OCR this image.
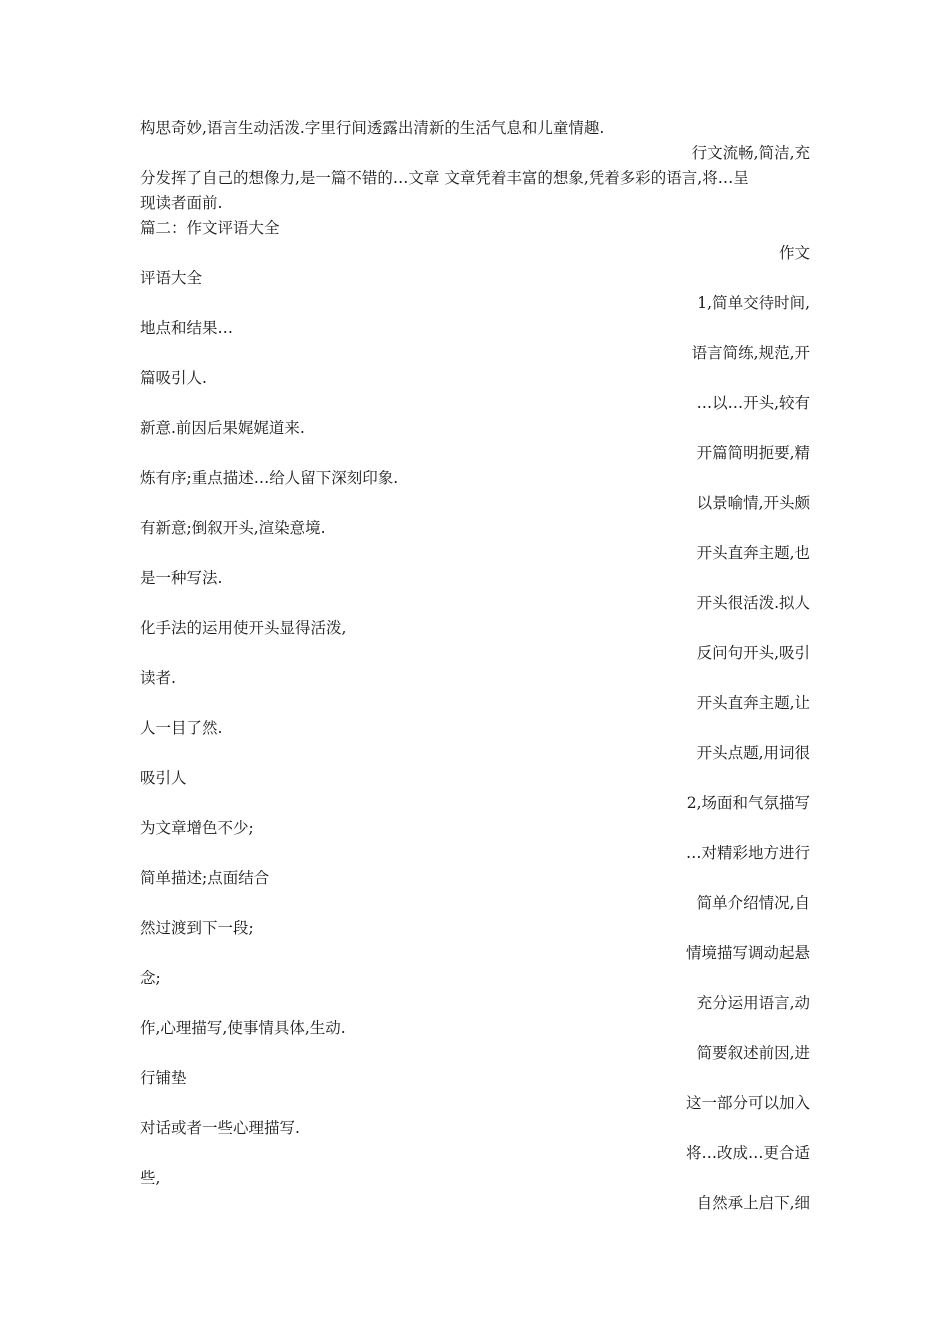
构思奇妙,语言生动活泼.字里行间透露出清新的生活气息和儿童情趣.
行文流畅,简洁,充
分发挥了自己的想像力,是一篇不错的…文章 文章凭着丰富的想象,凭着多彩的语言,将…呈
现读者面前.
篇二：作文评语大全
作文
评语大全
1,简单交待时间,
地点和结果…
语言简练,规范,开
篇吸引人.
…以…开头,较有
新意.前因后果娓娓道来.
开篇简明扼要,精
炼有序;重点描述…给人留下深刻印象.
以景喻情,开头颇
有新意;倒叙开头,渲染意境.
开头直奔主题,也
是一种写法.
开头很活泼.拟人
化手法的运用使开头显得活泼,
反问句开头,吸引
读者.
开头直奔主题,让
人一目了然.
开头点题,用词很
吸引人
2,场面和气氛描写
为文章增色不少;
…对精彩地方进行
简单描述;点面结合
简单介绍情况,自
然过渡到下一段;
情境描写调动起悬
念;
充分运用语言,动
作,心理描写,使事情具体,生动.
简要叙述前因,进
行铺垫
这一部分可以加入
对话或者一些心理描写.
将…改成…更合适
些,
自然承上启下,细
